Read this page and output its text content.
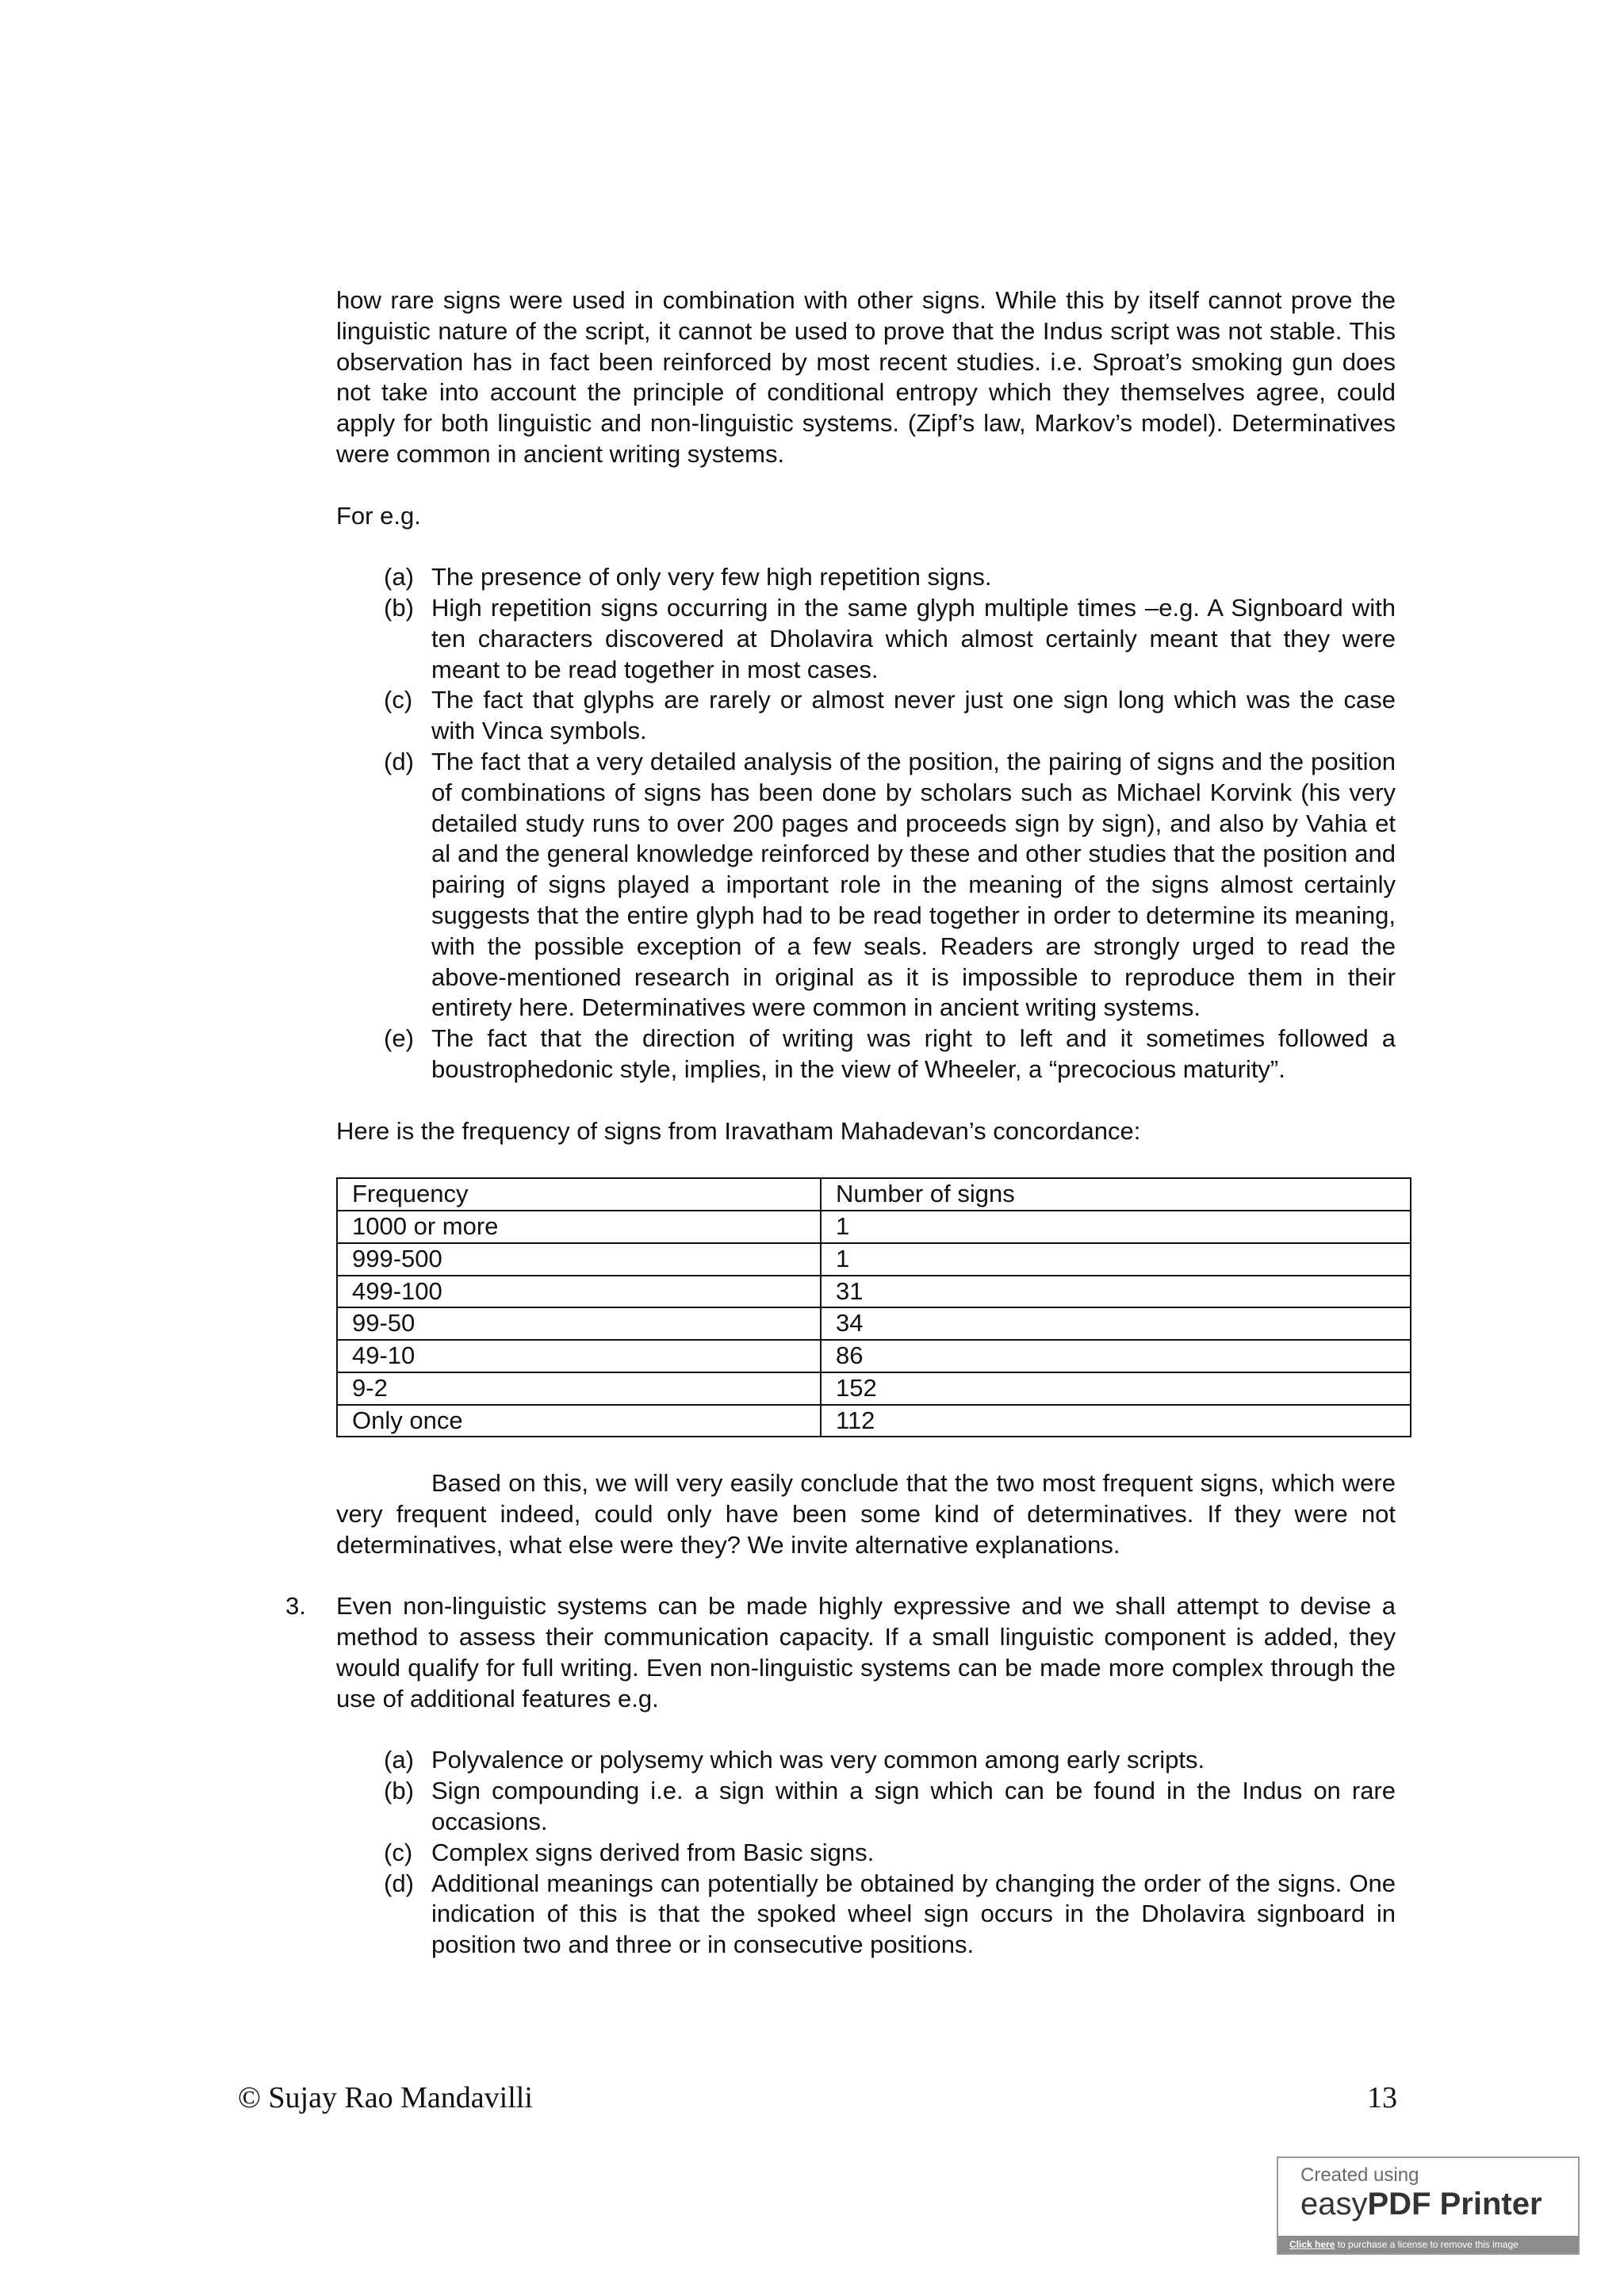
how rare signs were used in combination with other signs. While this by itself cannot prove the linguistic nature of the script, it cannot be used to prove that the Indus script was not stable. This observation has in fact been reinforced by most recent studies. i.e. Sproat’s smoking gun does not take into account the principle of conditional entropy which they themselves agree, could apply for both linguistic and non-linguistic systems. (Zipf’s law, Markov’s model). Determinatives were common in ancient writing systems.

For e.g.

(a) The presence of only very few high repetition signs.
(b) High repetition signs occurring in the same glyph multiple times –e.g. A Signboard with ten characters discovered at Dholavira which almost certainly meant that they were meant to be read together in most cases.
(c) The fact that glyphs are rarely or almost never just one sign long which was the case with Vinca symbols.
(d) The fact that a very detailed analysis of the position, the pairing of signs and the position of combinations of signs has been done by scholars such as Michael Korvink (his very detailed study runs to over 200 pages and proceeds sign by sign), and also by Vahia et al and the general knowledge reinforced by these and other studies that the position and pairing of signs played a important role in the meaning of the signs almost certainly suggests that the entire glyph had to be read together in order to determine its meaning, with the possible exception of a few seals. Readers are strongly urged to read the above-mentioned research in original as it is impossible to reproduce them in their entirety here. Determinatives were common in ancient writing systems.
(e) The fact that the direction of writing was right to left and it sometimes followed a boustrophedonic style, implies, in the view of Wheeler, a “precocious maturity”.

Here is the frequency of signs from Iravatham Mahadevan’s concordance:

Frequency	Number of signs
1000 or more	1
999-500	1
499-100	31
99-50	34
49-10	86
9-2	152
Only once	112

Based on this, we will very easily conclude that the two most frequent signs, which were very frequent indeed, could only have been some kind of determinatives. If they were not determinatives, what else were they? We invite alternative explanations.

3.	Even non-linguistic systems can be made highly expressive and we shall attempt to devise a method to assess their communication capacity. If a small linguistic component is added, they would qualify for full writing. Even non-linguistic systems can be made more complex through the use of additional features e.g.
(a) Polyvalence or polysemy which was very common among early scripts.
(b) Sign compounding i.e. a sign within a sign which can be found in the Indus on rare occasions.
(c) Complex signs derived from Basic signs.
(d) Additional meanings can potentially be obtained by changing the order of the signs. One indication of this is that the spoked wheel sign occurs in the Dholavira signboard in position two and three or in consecutive positions.
© Sujay Rao Mandavilli	13
Created using
easyPDF Printer
Click here to purchase a license to remove this image
